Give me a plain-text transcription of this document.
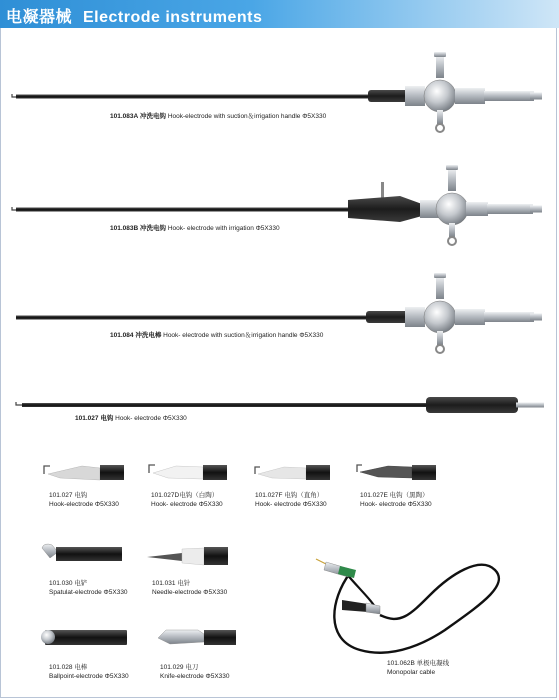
电凝器械 Electrode instruments
101.083A 冲洗电钩 Hook-electrode with suction＆irrigation handle Φ5X330
101.083B 冲洗电钩 Hook- electrode with irrigation Φ5X330
101.084 冲洗电棒 Hook- electrode with suction＆irrigation handle Φ5X330
101.027 电钩 Hook- electrode Φ5X330
101.027 电钩
Hook-electrode Φ5X330
101.027D电钩（白陶）
Hook- electrode Φ5X330
101.027F 电钩（直角）
Hook- electrode Φ5X330
101.027E 电钩（黑陶）
Hook- electrode Φ5X330
101.030 电铲
Spatulat-electrode Φ5X330
101.031 电针
Needle-electrode Φ5X330
101.028 电棒
Ballpoint-electrode Φ5X330
101.029 电刀
Knife-electrode Φ5X330
101.062B 单极电凝线
Monopolar cable
